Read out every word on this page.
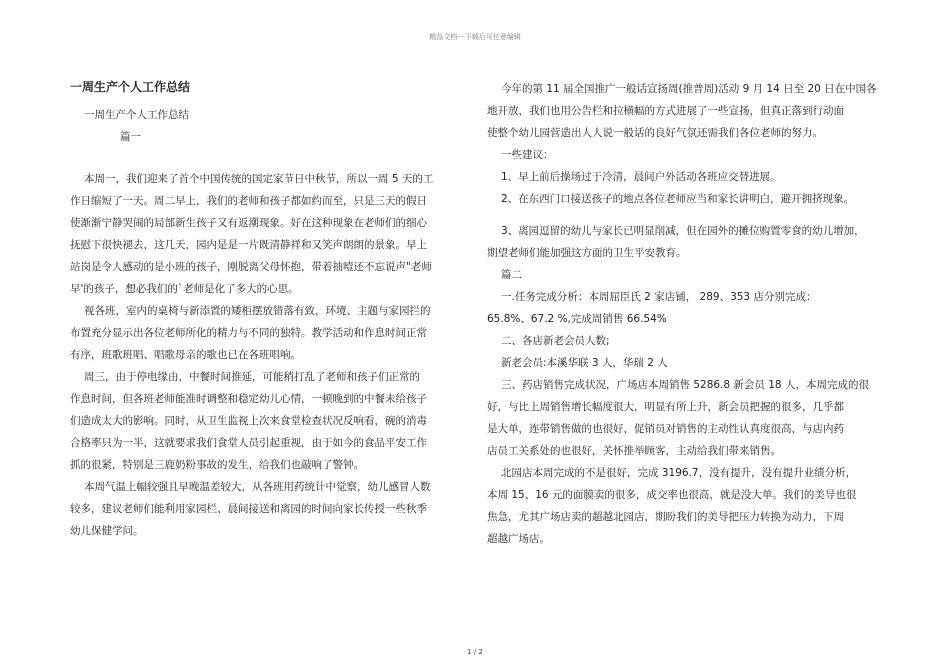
精品文档---下载后可任意编辑

一周生产个人工作总结

一周生产个人工作总结

篇一

本周一，我们迎来了首个中国传统的国定家节日中秋节，所以一周 5 天的工

作日缩短了一天。周二早上，我们的老师和孩子都如约而至，只是三天的假日

使渐渐宁静哭闹的局部新生孩子又有返潮现象。好在这种现象在老师们的细心

抚慰下很快褪去，这几天，园内是是一片既清静祥和又笑声朗朗的景象。早上

站岗是令人感动的是小班的孩子，刚脱离父母怀抱，带着抽噎还不忘说声"老师

早'的孩子，想必我们的`老师是化了多大的心思。

视各班，室内的桌椅与新添置的矮柜摆放错落有致，环境、主题与家园拦的

布置充分显示出各位老师所化的精力与不同的独特。教学活动和作息时间正常

有序，班歌班唱、唱歌母亲的歌也已在各班唱响。

周三，由于停电缘由，中餐时间推延，可能稍打乱了老师和孩子们正常的

作息时间，但各班老师能准时调整和稳定幼儿心情，一顿晚到的中餐未给孩子

们造成太大的影响。同时，从卫生监视上次来食堂检查状况反响看，碗的消毒

合格率只为一半，这就要求我们食堂人员引起重视，由于如今的食品平安工作

抓的很紧，特别是三鹿奶粉事故的发生，给我们也敲响了警钟。

本周气温上幅较强且早晚温差较大，从各班用药统计中觉察，幼儿感冒人数

较多，建议老师们能利用家园栏、晨间接送和离园的时间向家长传授一些秋季

幼儿保健学问。

今年的第 11 届全国推广一般话宣扬周(推普周)活动 9 月 14 日至 20 日在中国各

地开放，我们也用公告栏和拉横幅的方式进展了一些宣扬，但真正落到行动面

使整个幼儿园营造出人人说一般话的良好气氛还需我们各位老师的努力。

一些建议：

1、早上前后操场过于冷清，晨间户外活动各班应交替进展。

2、在东西门口接送孩子的地点各位老师应当和家长讲明白，避开拥挤现象。

3、离园逗留的幼儿与家长已明显削减，但在园外的摊位购置零食的幼儿增加，

期望老师们能加强这方面的卫生平安教育。

篇二

一.任务完成分析：本周屈臣氏 2 家店铺， 289、353 店分别完成：

65.8%、67.2 %,完成周销售 66.54%

二、各店新老会员人数;

新老会员:本溪华联 3 人，华瑞 2 人

三、药店销售完成状况，广场店本周销售 5286.8 新会员 18 人，本周完成的很

好，与比上周销售增长幅度很大，明显有所上升，新会员把握的很多，几乎都

是大单，连带销售做的也很好，促销员对销售的主动性认真度很高，与店内药

店员工关系处的也很好，关怀推举顾客，主动给我们带来销售。

北园店本周完成的不是很好，完成 3196.7，没有提升，没有提升业绩分析，

本周 15、16 元的面膜卖的很多，成交率也很高，就是没大单。我们的美导也很

焦急，尤其广场店卖的超越北园店，期盼我们的美导把压力转换为动力，下周

超越广场店。

1 / 2
